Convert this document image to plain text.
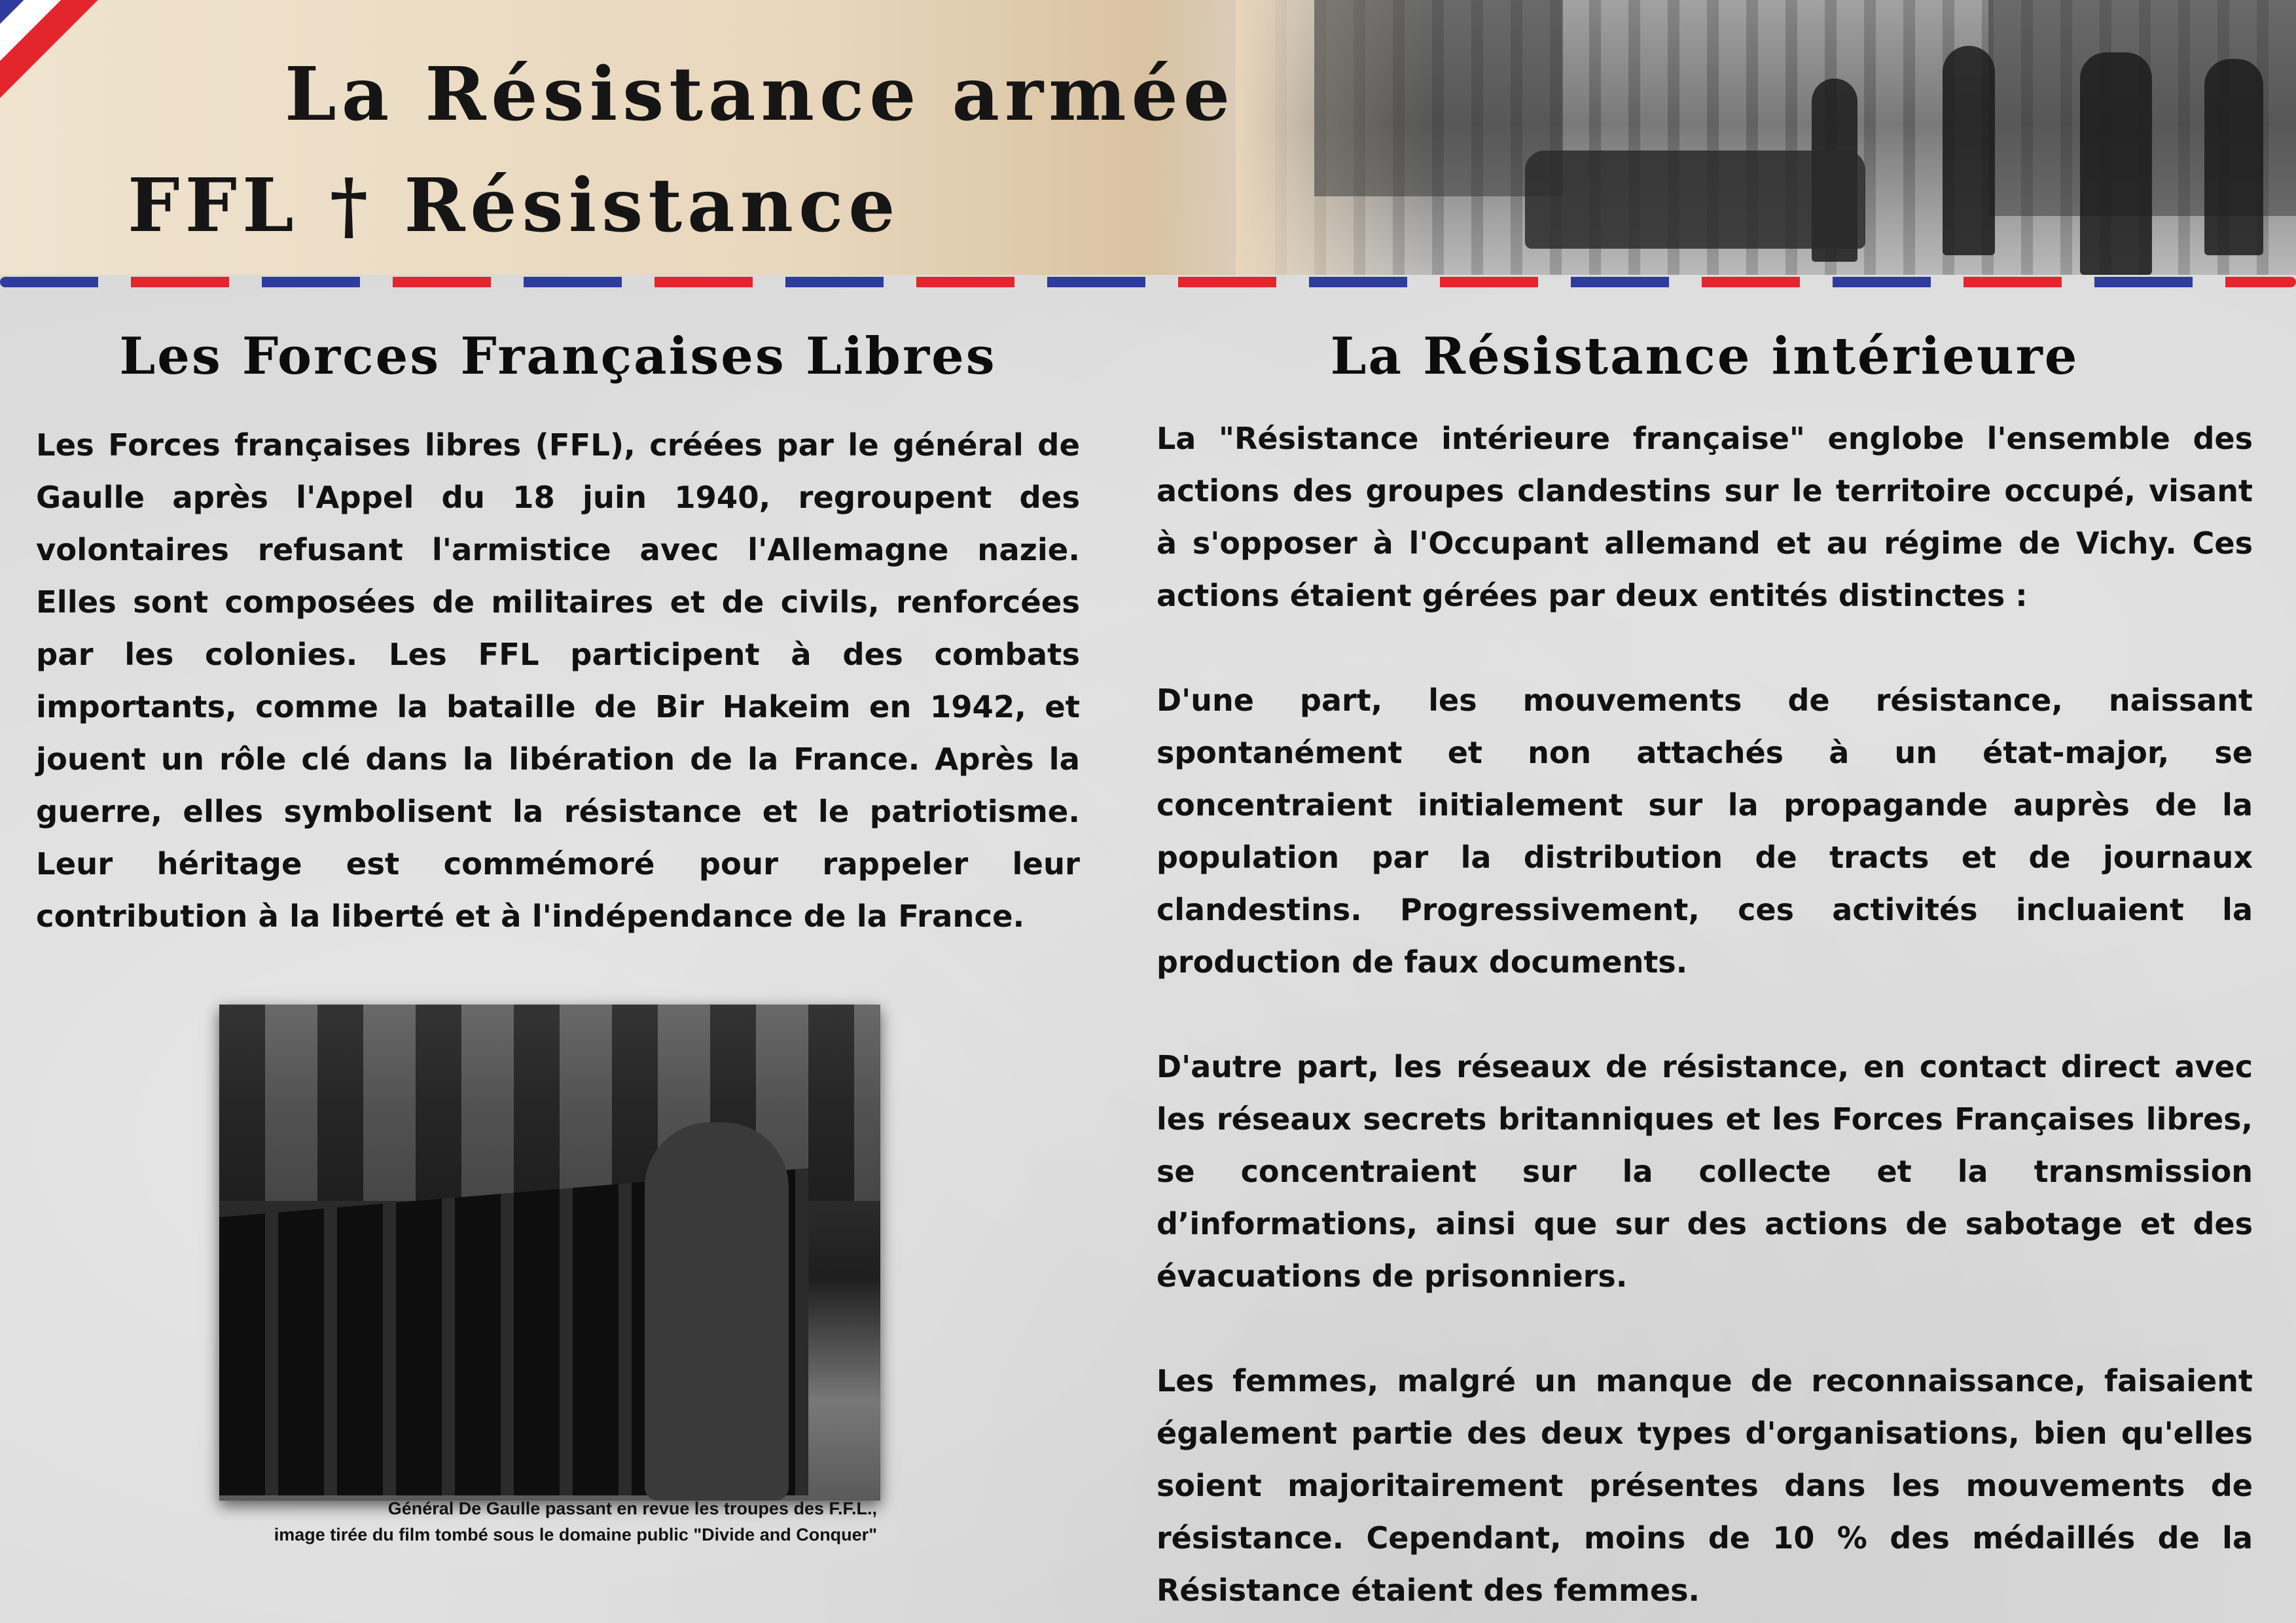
La Résistance armée
FFL † Résistance
Les Forces Françaises Libres

Les Forces françaises libres (FFL), créées par le général de Gaulle après l'Appel du 18 juin 1940, regroupent des volontaires refusant l'armistice avec l'Allemagne nazie. Elles sont composées de militaires et de civils, renforcées par les colonies. Les FFL participent à des combats importants, comme la bataille de Bir Hakeim en 1942, et jouent un rôle clé dans la libération de la France. Après la guerre, elles symbolisent la résistance et le patriotisme. Leur héritage est commémoré pour rappeler leur contribution à la liberté et à l'indépendance de la France.

Général De Gaulle passant en revue les troupes des F.F.L.,
image tirée du film tombé sous le domaine public "Divide and Conquer"
La Résistance intérieure

La "Résistance intérieure française" englobe l'ensemble des actions des groupes clandestins sur le territoire occupé, visant à s'opposer à l'Occupant allemand et au régime de Vichy. Ces actions étaient gérées par deux entités distinctes :

D'une part, les mouvements de résistance, naissant spontanément et non attachés à un état-major, se concentraient initialement sur la propagande auprès de la population par la distribution de tracts et de journaux clandestins. Progressivement, ces activités incluaient la production de faux documents.

D'autre part, les réseaux de résistance, en contact direct avec les réseaux secrets britanniques et les Forces Françaises libres, se concentraient sur la collecte et la transmission d’informations, ainsi que sur des actions de sabotage et des évacuations de prisonniers.

Les femmes, malgré un manque de reconnaissance, faisaient également partie des deux types d'organisations, bien qu'elles soient majoritairement présentes dans les mouvements de résistance. Cependant, moins de 10 % des médaillés de la Résistance étaient des femmes.
